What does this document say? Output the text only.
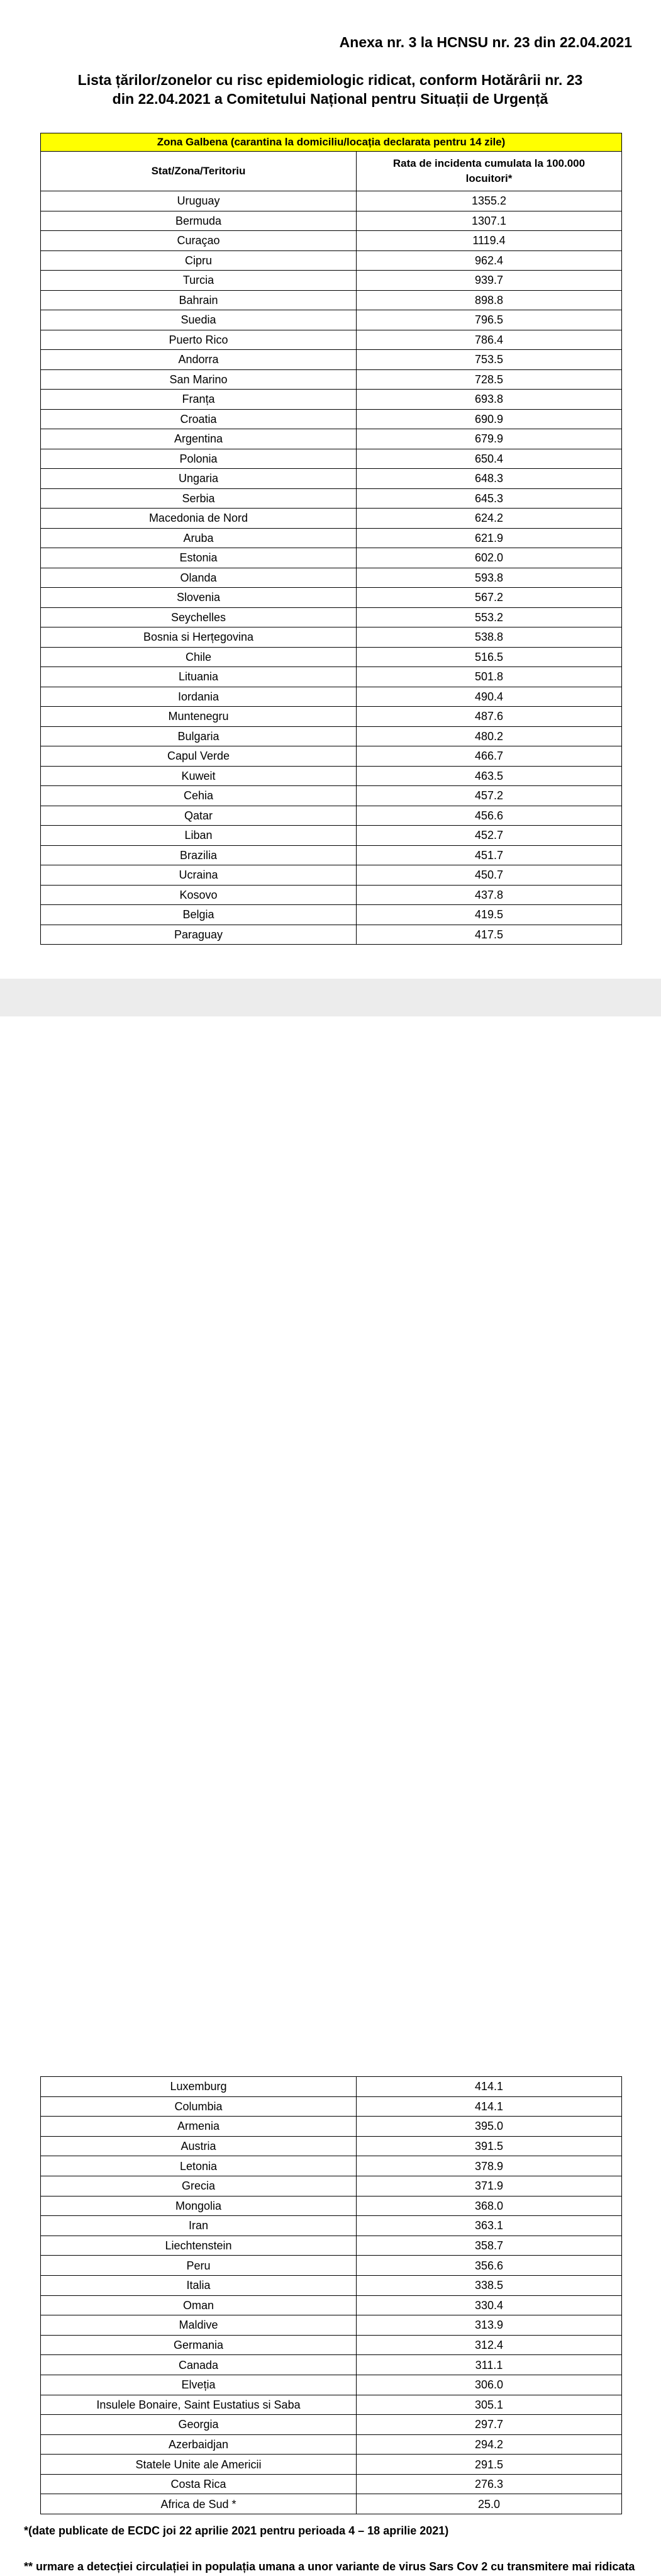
Anexa nr. 3 la HCNSU nr. 23 din 22.04.2021
Lista țărilor/zonelor cu risc epidemiologic ridicat, conform Hotărârii nr. 23
din 22.04.2021 a Comitetului Național pentru Situații de Urgență
Zona Galbena (carantina la domiciliu/locația declarata pentru 14 zile)	
Stat/Zona/Teritoriu	Rata de incidenta cumulata la 100.000
locuitori*

Uruguay	1355.2
Bermuda	1307.1
Curaçao	1119.4
Cipru	962.4
Turcia	939.7
Bahrain	898.8
Suedia	796.5
Puerto Rico	786.4
Andorra	753.5
San Marino	728.5
Franța	693.8
Croatia	690.9
Argentina	679.9
Polonia	650.4
Ungaria	648.3
Serbia	645.3
Macedonia de Nord	624.2
Aruba	621.9
Estonia	602.0
Olanda	593.8
Slovenia	567.2
Seychelles	553.2
Bosnia si Herțegovina	538.8
Chile	516.5
Lituania	501.8
Iordania	490.4
Muntenegru	487.6
Bulgaria	480.2
Capul Verde	466.7
Kuweit	463.5
Cehia	457.2
Qatar	456.6
Liban	452.7
Brazilia	451.7
Ucraina	450.7
Kosovo	437.8
Belgia	419.5
Paraguay	417.5
Luxemburg	414.1
Columbia	414.1
Armenia	395.0
Austria	391.5
Letonia	378.9
Grecia	371.9
Mongolia	368.0
Iran	363.1
Liechtenstein	358.7
Peru	356.6
Italia	338.5
Oman	330.4
Maldive	313.9
Germania	312.4
Canada	311.1
Elveția	306.0
Insulele Bonaire, Saint Eustatius si Saba	305.1
Georgia	297.7
Azerbaidjan	294.2
Statele Unite ale Americii	291.5
Costa Rica	276.3
Africa de Sud *	25.0
*(date publicate de ECDC joi 22 aprilie 2021 pentru perioada 4 – 18 aprilie 2021)
** urmare a detecției circulației in populația umana a unor variante de virus Sars Cov 2 cu transmitere mai ridicata
